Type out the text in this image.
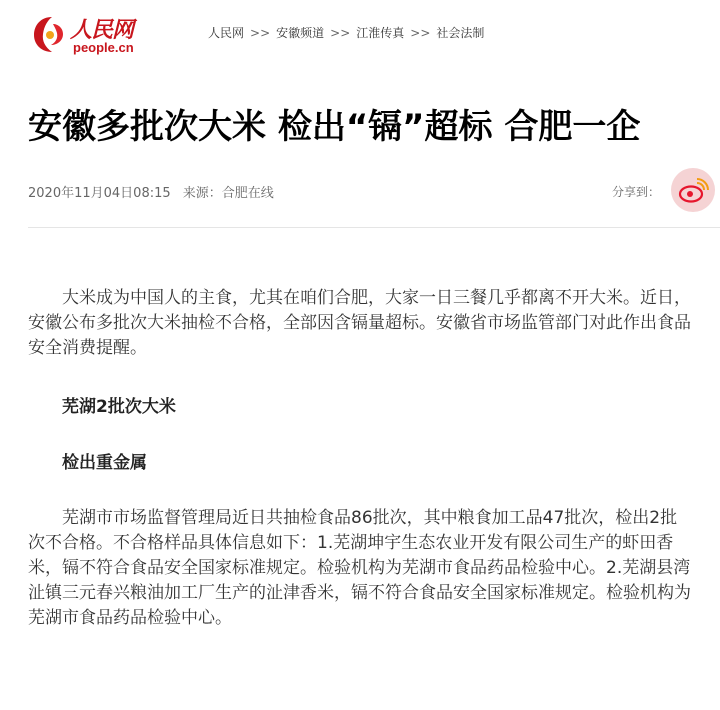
人民网
people.cn
人民网 >> 安徽频道 >> 江淮传真 >> 社会法制
安徽多批次大米 检出“镉”超标 合肥一企
2020年11月04日08:15 来源：合肥在线	分享到：

大米成为中国人的主食，尤其在咱们合肥，大家一日三餐几乎都离不开大米。近日，安徽公布多批次大米抽检不合格，全部因含镉量超标。安徽省市场监管部门对此作出食品安全消费提醒。

芜湖2批次大米

检出重金属

芜湖市市场监督管理局近日共抽检食品86批次，其中粮食加工品47批次，检出2批次不合格。不合格样品具体信息如下：1.芜湖坤宇生态农业开发有限公司生产的虾田香米，镉不符合食品安全国家标准规定。检验机构为芜湖市食品药品检验中心。2.芜湖县湾沚镇三元春兴粮油加工厂生产的沚津香米，镉不符合食品安全国家标准规定。检验机构为芜湖市食品药品检验中心。
